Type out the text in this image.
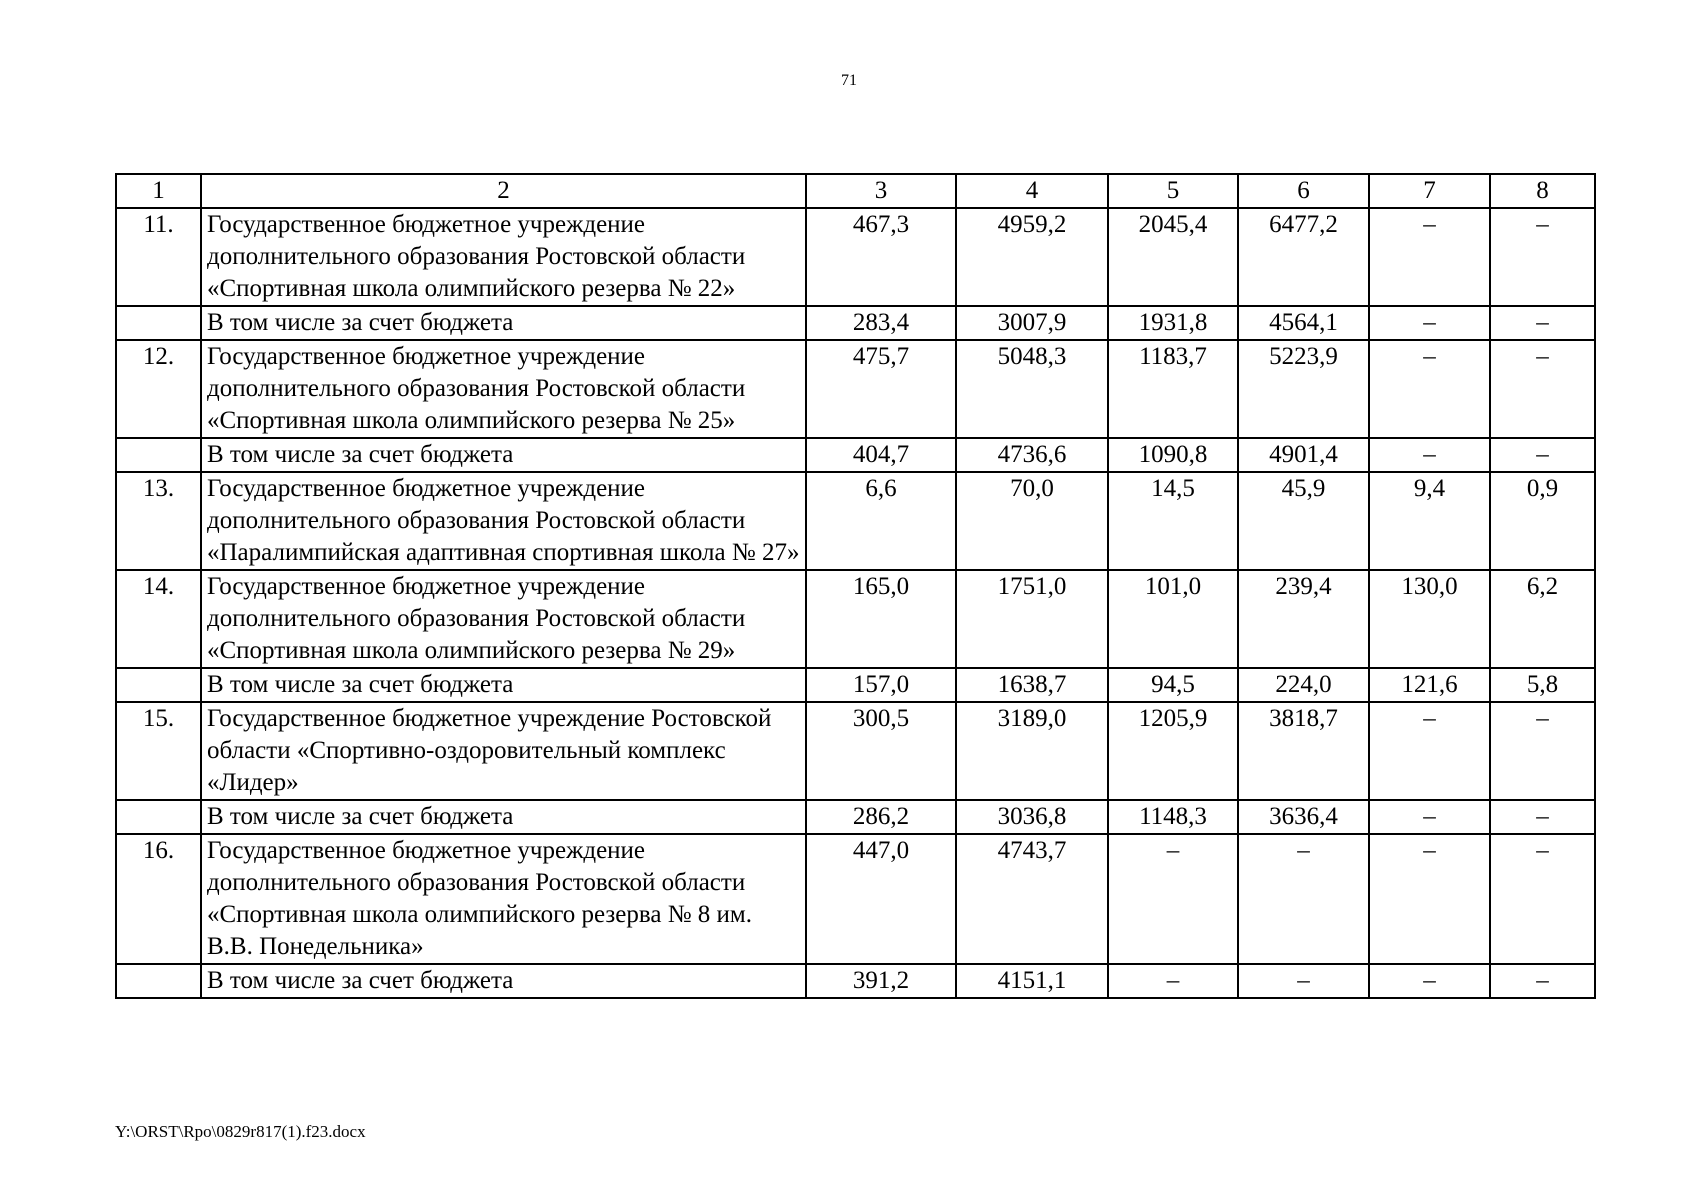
71
1	2	3	4	5	6	7	8
11.	Государственное бюджетное учреждение дополнительного образования Ростовской области «Спортивная школа олимпийского резерва № 22»	467,3	4959,2	2045,4	6477,2	–	–
	В том числе за счет бюджета	283,4	3007,9	1931,8	4564,1	–	–
12.	Государственное бюджетное учреждение дополнительного образования Ростовской области «Спортивная школа олимпийского резерва № 25»	475,7	5048,3	1183,7	5223,9	–	–
	В том числе за счет бюджета	404,7	4736,6	1090,8	4901,4	–	–
13.	Государственное бюджетное учреждение дополнительного образования Ростовской области «Паралимпийская адаптивная спортивная школа № 27»	6,6	70,0	14,5	45,9	9,4	0,9
14.	Государственное бюджетное учреждение дополнительного образования Ростовской области «Спортивная школа олимпийского резерва № 29»	165,0	1751,0	101,0	239,4	130,0	6,2
	В том числе за счет бюджета	157,0	1638,7	94,5	224,0	121,6	5,8
15.	Государственное бюджетное учреждение Ростовской области «Спортивно-оздоровительный комплекс «Лидер»	300,5	3189,0	1205,9	3818,7	–	–
	В том числе за счет бюджета	286,2	3036,8	1148,3	3636,4	–	–
16.	Государственное бюджетное учреждение дополнительного образования Ростовской области «Спортивная школа олимпийского резерва № 8 им. В.В. Понедельника»	447,0	4743,7	–	–	–	–
	В том числе за счет бюджета	391,2	4151,1	–	–	–	–
Y:\ORST\Rpo\0829r817(1).f23.docx
